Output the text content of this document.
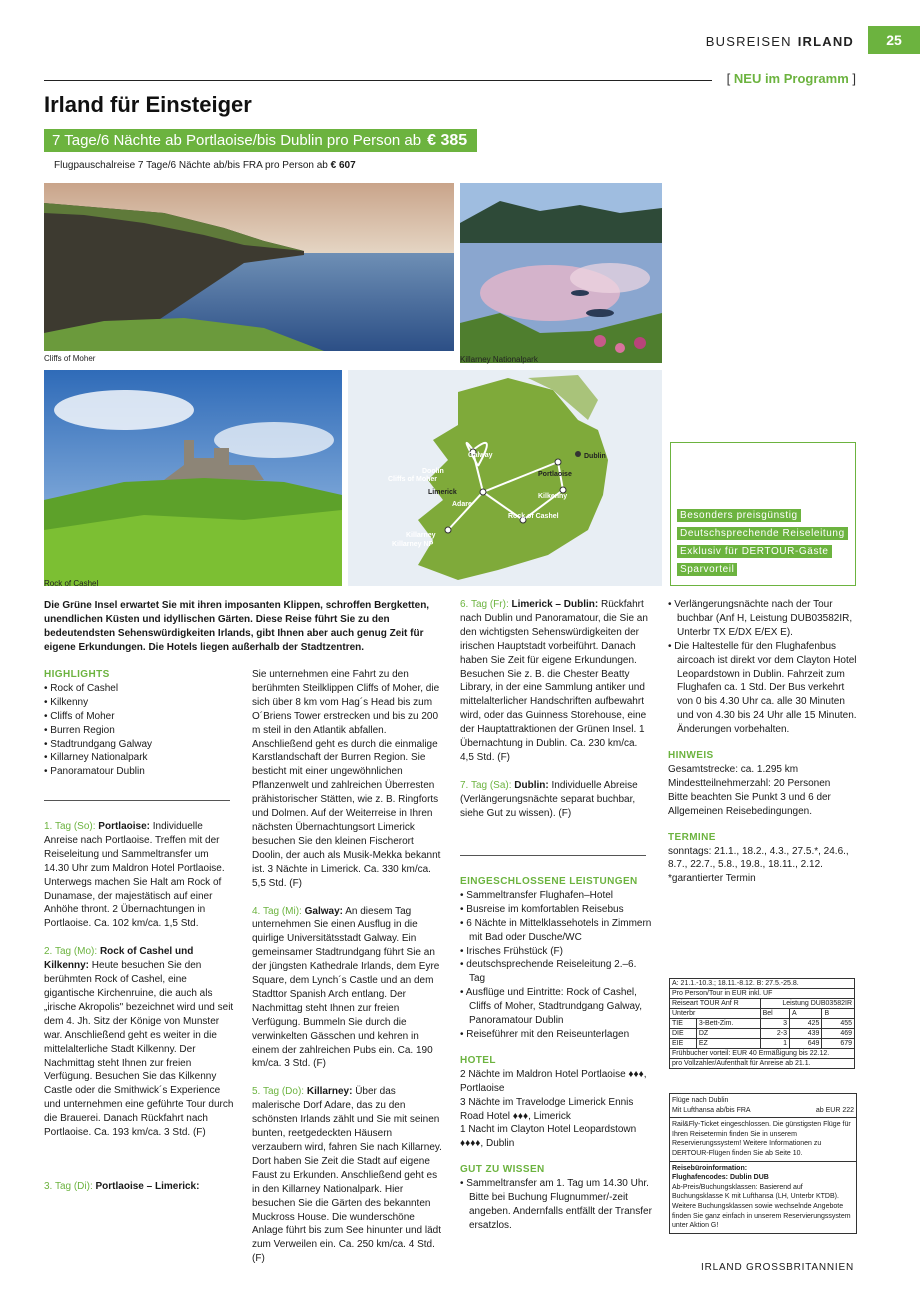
BUSREISEN IRLAND	25
[ NEU im Programm ]
Irland für Einsteiger
7 Tage/6 Nächte ab Portlaoise/bis Dublin pro Person ab € 385
Flugpauschalreise 7 Tage/6 Nächte ab/bis FRA pro Person ab € 607
Cliffs of Moher	Killarney Nationalpark
Rock of Cashel
Galway
Doolin
Cliffs of Moher
Limerick
Adare
Killarney
Killarney NP
Portlaoise
Kilkenny
Rock of Cashel
Dublin
Besonders preisgünstig
Deutschsprechende Reiseleitung
Exklusiv für DERTOUR-Gäste
Sparvorteil
Die Grüne Insel erwartet Sie mit ihren imposanten Klippen, schroffen Bergketten, unendlichen Küsten und idyllischen Gärten. Diese Reise führt Sie zu den bedeutendsten Sehenswürdigkeiten Irlands, gibt Ihnen aber auch genug Zeit für eigene Erkundungen. Die Hotels liegen außerhalb der Stadtzentren.
HIGHLIGHTS
• Rock of Cashel
• Kilkenny
• Cliffs of Moher
• Burren Region
• Stadtrundgang Galway
• Killarney Nationalpark
• Panoramatour Dublin

1. Tag (So): Portlaoise: Individuelle Anreise nach Portlaoise. Treffen mit der Reiseleitung und Sammeltransfer um 14.30 Uhr zum Maldron Hotel Portlaoise. Unterwegs machen Sie Halt am Rock of Dunamase, der majestätisch auf einer Anhöhe thront. 2 Übernachtungen in Portlaoise. Ca. 102 km/ca. 1,5 Std.

2. Tag (Mo): Rock of Cashel und Kilkenny: Heute besuchen Sie den berühmten Rock of Cashel, eine gigantische Kirchenruine, die auch als „irische Akropolis" bezeichnet wird und seit dem 4. Jh. Sitz der Könige von Munster war. Anschließend geht es weiter in die mittelalterliche Stadt Kilkenny. Der Nachmittag steht Ihnen zur freien Verfügung. Besuchen Sie das Kilkenny Castle oder die Smithwick´s Experience und unternehmen eine geführte Tour durch die Brauerei. Danach Rückfahrt nach Portlaoise. Ca. 193 km/ca. 3 Std. (F)

3. Tag (Di): Portlaoise – Limerick:

Sie unternehmen eine Fahrt zu den berühmten Steilklippen Cliffs of Moher, die sich über 8 km vom Hag´s Head bis zum O´Briens Tower erstrecken und bis zu 200 m steil in den Atlantik abfallen. Anschließend geht es durch die einmalige Karstlandschaft der Burren Region. Sie besticht mit einer ungewöhnlichen Pflanzenwelt und zahlreichen Überresten prähistorischer Stätten, wie z. B. Ringforts und Dolmen. Auf der Weiterreise in Ihren nächsten Übernachtungsort Limerick besuchen Sie den kleinen Fischerort Doolin, der auch als Musik-Mekka bekannt ist. 3 Nächte in Limerick. Ca. 330 km/ca. 5,5 Std. (F)

4. Tag (Mi): Galway: An diesem Tag unternehmen Sie einen Ausflug in die quirlige Universitätsstadt Galway. Ein gemeinsamer Stadtrundgang führt Sie an der jüngsten Kathedrale Irlands, dem Eyre Square, dem Lynch´s Castle und an dem Stadttor Spanish Arch entlang. Der Nachmittag steht Ihnen zur freien Verfügung. Bummeln Sie durch die verwinkelten Gässchen und kehren in einem der zahlreichen Pubs ein. Ca. 190 km/ca. 3 Std. (F)

5. Tag (Do): Killarney: Über das malerische Dorf Adare, das zu den schönsten Irlands zählt und Sie mit seinen bunten, reetgedeckten Häusern verzaubern wird, fahren Sie nach Killarney. Dort haben Sie Zeit die Stadt auf eigene Faust zu Erkunden. Anschließend geht es in den Killarney Nationalpark. Hier besuchen Sie die Gärten des bekannten Muckross House. Die wunderschöne Anlage führt bis zum See hinunter und lädt zum Verweilen ein. Ca. 250 km/ca. 4 Std. (F)

6. Tag (Fr): Limerick – Dublin: Rückfahrt nach Dublin und Panoramatour, die Sie an den wichtigsten Sehenswürdigkeiten der irischen Hauptstadt vorbeiführt. Danach haben Sie Zeit für eigene Erkundungen. Besuchen Sie z. B. die Chester Beatty Library, in der eine Sammlung antiker und mittelalterlicher Handschriften aufbewahrt wird, oder das Guinness Storehouse, eine der Hauptattraktionen der Grünen Insel. 1 Übernachtung in Dublin. Ca. 230 km/ca. 4,5 Std. (F)

7. Tag (Sa): Dublin: Individuelle Abreise (Verlängerungsnächte separat buchbar, siehe Gut zu wissen). (F)

EINGESCHLOSSENE LEISTUNGEN
• Sammeltransfer Flughafen–Hotel
• Busreise im komfortablen Reisebus
• 6 Nächte in Mittelklassehotels in Zimmern mit Bad oder Dusche/WC
• Irisches Frühstück (F)
• deutschsprechende Reiseleitung 2.–6. Tag
• Ausflüge und Eintritte: Rock of Cashel, Cliffs of Moher, Stadtrundgang Galway, Panoramatour Dublin
• Reiseführer mit den Reiseunterlagen
HOTEL

2 Nächte im Maldron Hotel Portlaoise ♦♦♦, Portlaoise

3 Nächte im Travelodge Limerick Ennis Road Hotel ♦♦♦, Limerick

1 Nacht im Clayton Hotel Leopardstown ♦♦♦♦, Dublin

GUT ZU WISSEN
• Sammeltransfer am 1. Tag um 14.30 Uhr. Bitte bei Buchung Flugnummer/-zeit angeben. Andernfalls entfällt der Transfer ersatzlos.
• Verlängerungsnächte nach der Tour buchbar (Anf H, Leistung DUB03582IR, Unterbr TX E/DX E/EX E).
• Die Haltestelle für den Flughafenbus aircoach ist direkt vor dem Clayton Hotel Leopardstown in Dublin. Fahrzeit zum Flughafen ca. 1 Std. Der Bus verkehrt von 0 bis 4.30 Uhr ca. alle 30 Minuten und von 4.30 bis 24 Uhr alle 15 Minuten. Änderungen vorbehalten.
HINWEIS

Gesamtstrecke: ca. 1.295 km

Mindestteilnehmerzahl: 20 Personen

Bitte beachten Sie Punkt 3 und 6 der Allgemeinen Reisebedingungen.

TERMINE

sonntags: 21.1., 18.2., 4.3., 27.5.*, 24.6., 8.7., 22.7., 5.8., 19.8., 18.11., 2.12.

*garantierter Termin

A: 21.1.-10.3.; 18.11.-8.12. B: 27.5.-25.8.				
Pro Person/Tour in EUR inkl. UF				
Reiseart TOUR Anf R		Leistung DUB03582IR		
Unterbr		Bel	A	B
TIE	3-Bett-Zim.	3	425	455
DIE	DZ	2-3	439	469
EIE	EZ	1	649	679
Frühbucher vorteil: EUR 40 Ermäßigung bis 22.12.				
pro Vollzahler/Aufenthalt für Anreise ab 21.1.				
Flüge nach Dublin
Mit Lufthansa ab/bis FRA	ab EUR 222
Rail&Fly-Ticket eingeschlossen. Die günstigsten Flüge für Ihren Reisetermin finden Sie in unserem Reservierungssystem! Weitere Informationen zu DERTOUR-Flügen finden Sie ab Seite 10.
Reisebüroinformation:
Flughafencodes: Dublin DUB
Ab-Preis/Buchungsklassen: Basierend auf Buchungsklasse K mit Lufthansa (LH, Unterbr KTDB). Weitere Buchungsklassen sowie wechselnde Angebote finden Sie ganz einfach in unserem Reservierungssystem unter Aktion G!
IRLAND GROSSBRITANNIEN
